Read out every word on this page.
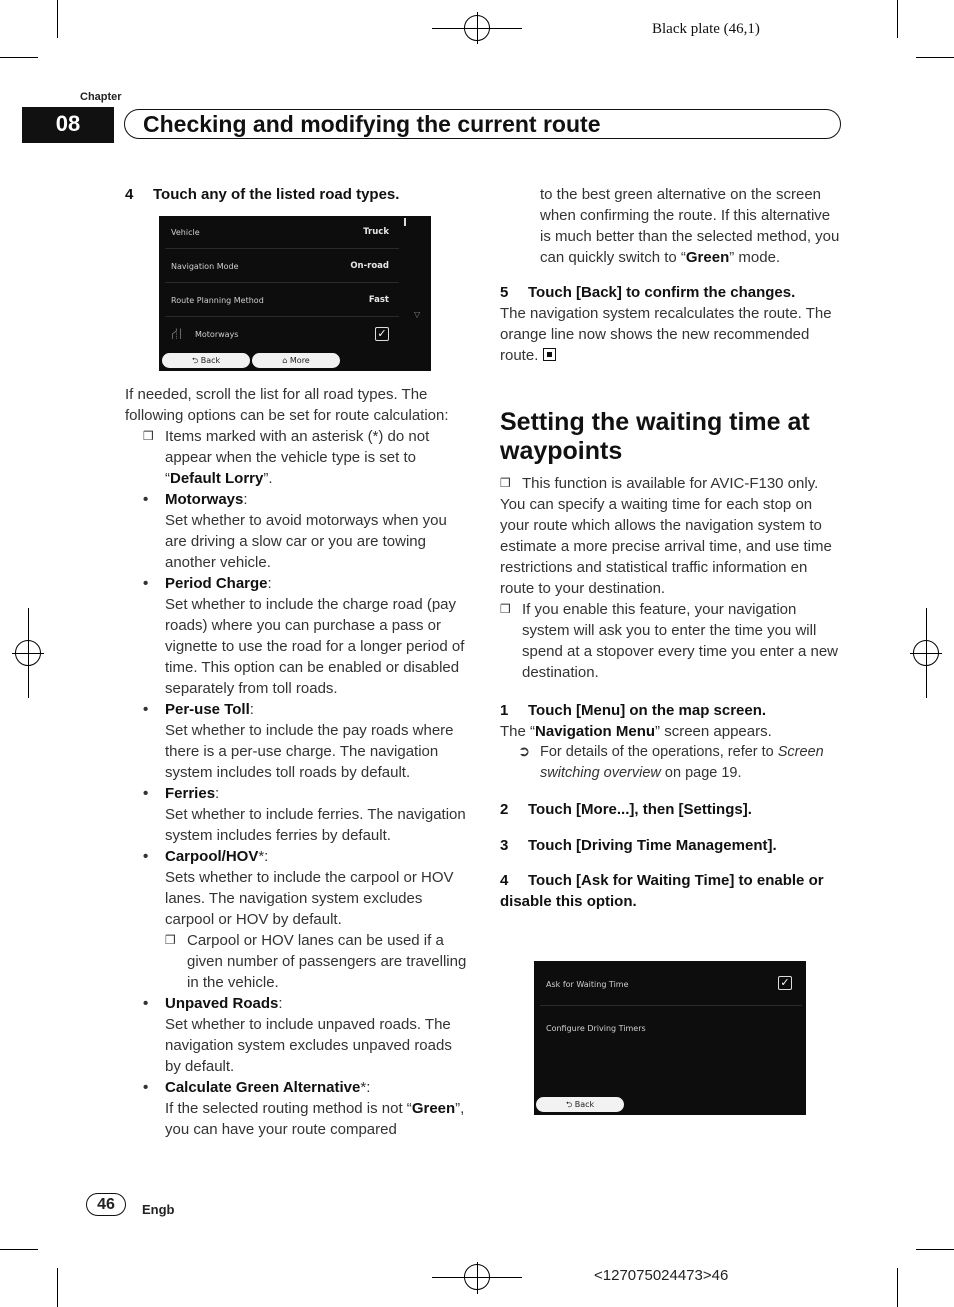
Black plate (46,1)
Chapter
08	Checking and modifying the current route
4 Touch any of the listed road types.
Vehicle	Truck
Navigation Mode	On-road
Route Planning Method	Fast
⛙ Motorways	✓
▽
⮌ Back	⌂ More

If needed, scroll the list for all road types. The following options can be set for route calculation:

❒ Items marked with an asterisk (*) do not appear when the vehicle type is set to “Default Lorry”.

• Motorways:

Set whether to avoid motorways when you are driving a slow car or you are towing another vehicle.

• Period Charge:

Set whether to include the charge road (pay roads) where you can purchase a pass or vignette to use the road for a longer period of time. This option can be enabled or disabled separately from toll roads.

• Per-use Toll:

Set whether to include the pay roads where there is a per-use charge. The navigation system includes toll roads by default.

• Ferries:

Set whether to include ferries. The navigation system includes ferries by default.

• Carpool/HOV*:

Sets whether to include the carpool or HOV lanes. The navigation system excludes carpool or HOV by default.

❒ Carpool or HOV lanes can be used if a given number of passengers are travelling in the vehicle.

• Unpaved Roads:

Set whether to include unpaved roads. The navigation system excludes unpaved roads by default.

• Calculate Green Alternative*:

If the selected routing method is not “Green”, you can have your route compared

to the best green alternative on the screen when confirming the route. If this alternative is much better than the selected method, you can quickly switch to “Green” mode.

5 Touch [Back] to confirm the changes.

The navigation system recalculates the route. The orange line now shows the new recommended route.

Setting the waiting time at waypoints

❒ This function is available for AVIC-F130 only.

You can specify a waiting time for each stop on your route which allows the navigation system to estimate a more precise arrival time, and use time restrictions and statistical traffic information en route to your destination.

❒ If you enable this feature, your navigation system will ask you to enter the time you will spend at a stopover every time you enter a new destination.

1 Touch [Menu] on the map screen.

The “Navigation Menu” screen appears.

➲ For details of the operations, refer to Screen switching overview on page 19.

2 Touch [More...], then [Settings].
3 Touch [Driving Time Management].
4 Touch [Ask for Waiting Time] to enable or disable this option.
Ask for Waiting Time	✓
Configure Driving Timers
⮌ Back
46	Engb
<127075024473>46
